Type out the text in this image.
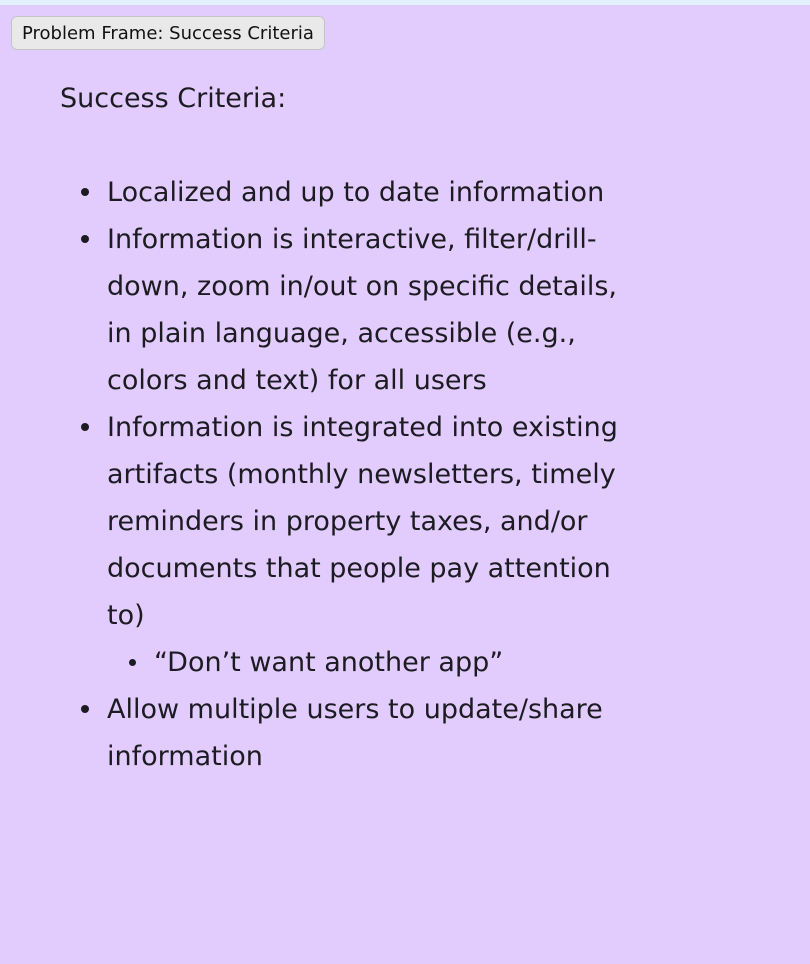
Problem Frame: Success Criteria
Success Criteria:
Localized and up to date information
Information is interactive, filter/drill-down, zoom in/out on specific details, in plain language, accessible (e.g., colors and text) for all users
Information is integrated into existing artifacts (monthly newsletters, timely reminders in property taxes, and/or documents that people pay attention to)
“Don’t want another app”
Allow multiple users to update/share information
